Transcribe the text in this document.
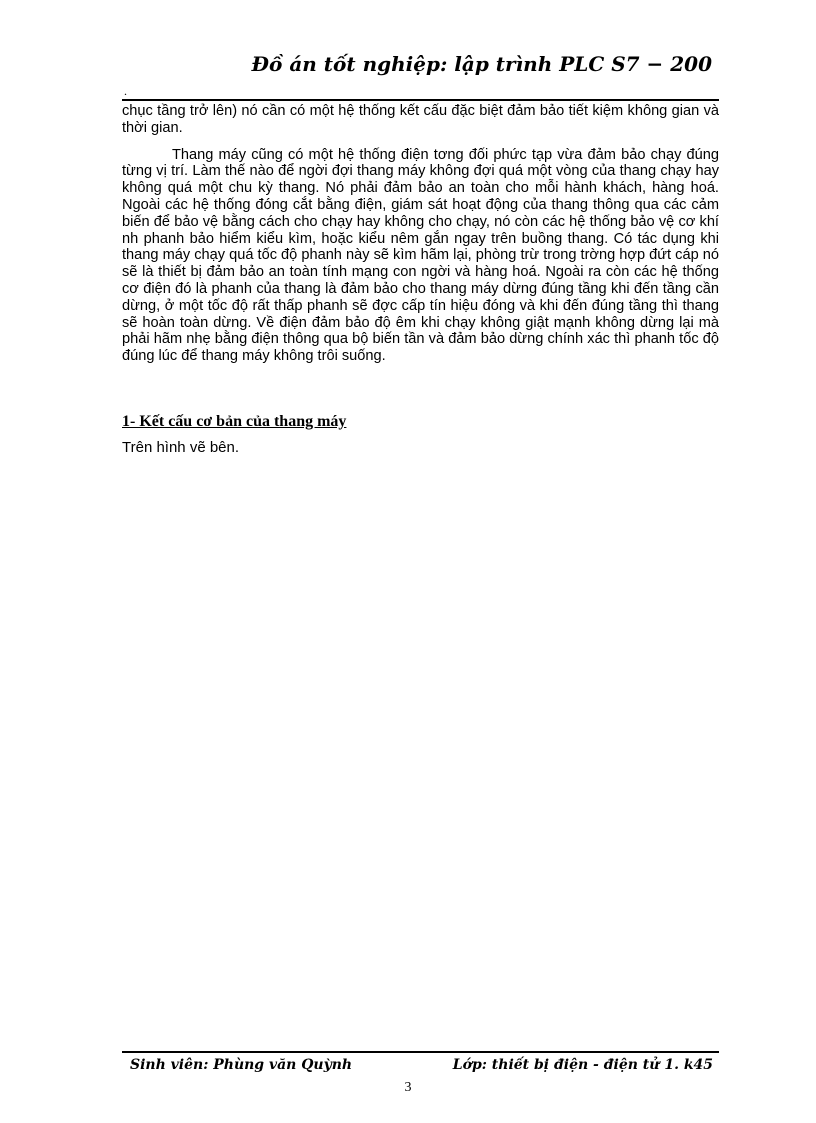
Đồ án tốt nghiệp: lập trình PLC S7 − 200
.

chục tầng trở lên) nó cần có một hệ thống kết cấu đặc biệt đảm bảo tiết kiệm không gian và thời gian.

Thang máy cũng có một hệ thống điện tơng đối phức tạp vừa đảm bảo chạy đúng từng vị trí. Làm thế nào để ngời đợi thang máy không đợi quá một vòng của thang chạy hay không quá một chu kỳ thang. Nó phải đảm bảo an toàn cho mỗi hành khách, hàng hoá. Ngoài các hệ thống đóng cắt bằng điện, giám sát hoạt động của thang thông qua các cảm biến để bảo vệ bằng cách cho chạy hay không cho chạy, nó còn các hệ thống bảo vệ cơ khí nh phanh bảo hiểm kiểu kìm, hoặc kiểu nêm gắn ngay trên buồng thang. Có tác dụng khi thang máy chạy quá tốc độ phanh này sẽ kìm hãm lại, phòng trừ trong trờng hợp đứt cáp nó sẽ là thiết bị đảm bảo an toàn tính mạng con ngời và hàng hoá. Ngoài ra còn các hệ thống cơ điện đó là phanh của thang là đảm bảo cho thang máy dừng đúng tầng khi đến tầng cần dừng, ở một tốc độ rất thấp phanh sẽ đợc cấp tín hiệu đóng và khi đến đúng tầng thì thang sẽ hoàn toàn dừng. Về điện đảm bảo độ êm khi chạy không giật mạnh không dừng lại mà phải hãm nhẹ bằng điện thông qua bộ biến tần và đảm bảo dừng chính xác thì phanh tốc độ đúng lúc để thang máy không trôi suống.

1- Kết cấu cơ bản của thang máy
Trên hình vẽ bên.
Sinh viên: Phùng văn Quỳnh	Lớp: thiết bị điện - điện tử 1. k45
3
